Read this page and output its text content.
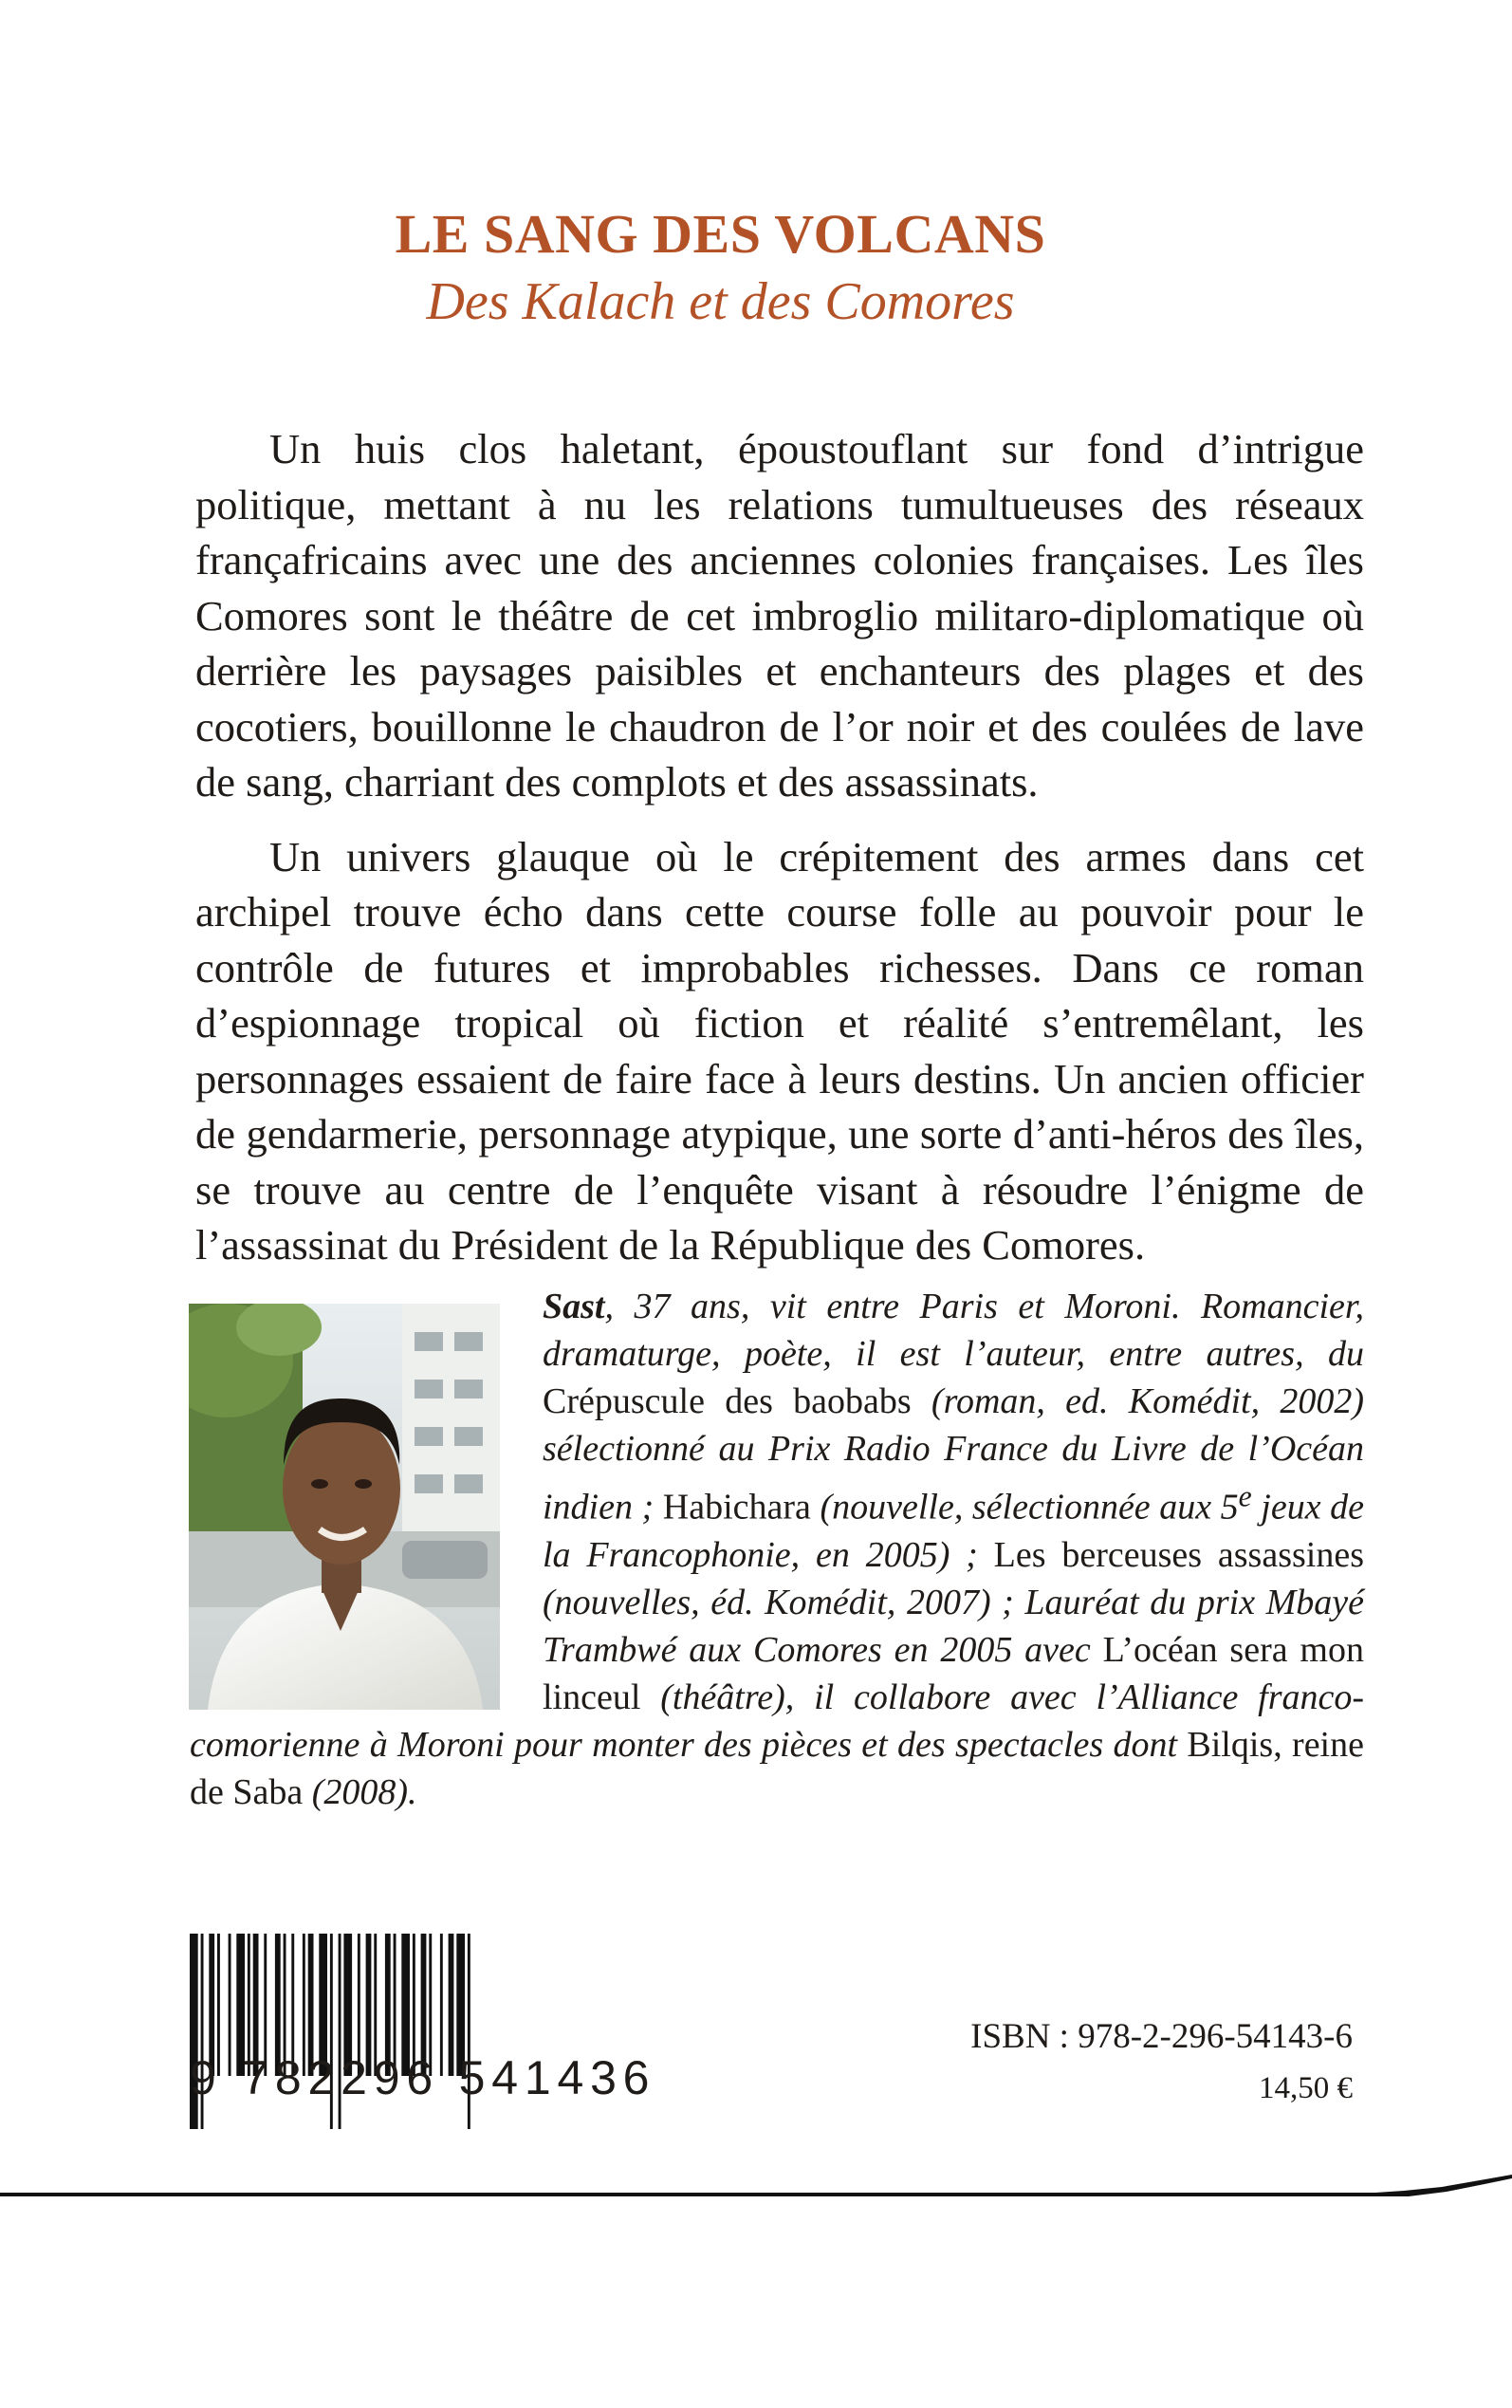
LE SANG DES VOLCANS
Des Kalach et des Comores

Un huis clos haletant, époustouflant sur fond d’intrigue politique, mettant à nu les relations tumultueuses des réseaux françafricains avec une des anciennes colonies françaises. Les îles Comores sont le théâtre de cet imbroglio militaro-diplomatique où derrière les paysages paisibles et enchanteurs des plages et des cocotiers, bouillonne le chaudron de l’or noir et des coulées de lave de sang, charriant des complots et des assassinats.

Un univers glauque où le crépitement des armes dans cet archipel trouve écho dans cette course folle au pouvoir pour le contrôle de futures et improbables richesses. Dans ce roman d’espionnage tropical où fiction et réalité s’entremêlant, les personnages essaient de faire face à leurs destins. Un ancien officier de gendarmerie, personnage atypique, une sorte d’anti-héros des îles, se trouve au centre de l’enquête visant à résoudre l’énigme de l’assassinat du Président de la République des Comores.

Sast, 37 ans, vit entre Paris et Moroni. Romancier, dramaturge, poète, il est l’auteur, entre autres, du Crépuscule des baobabs (roman, ed. Komédit, 2002) sélectionné au Prix Radio France du Livre de l’Océan indien ; Habichara (nouvelle, sélectionnée aux 5e jeux de la Francophonie, en 2005) ; Les berceuses assassines (nouvelles, éd. Komédit, 2007) ; Lauréat du prix Mbayé Trambwé aux Comores en 2005 avec L’océan sera mon linceul (théâtre), il collabore avec l’Alliance franco-comorienne à Moroni pour monter des pièces et des spectacles dont Bilqis, reine de Saba (2008).
9 782296 541436
ISBN : 978-2-296-54143-6
14,50 €
